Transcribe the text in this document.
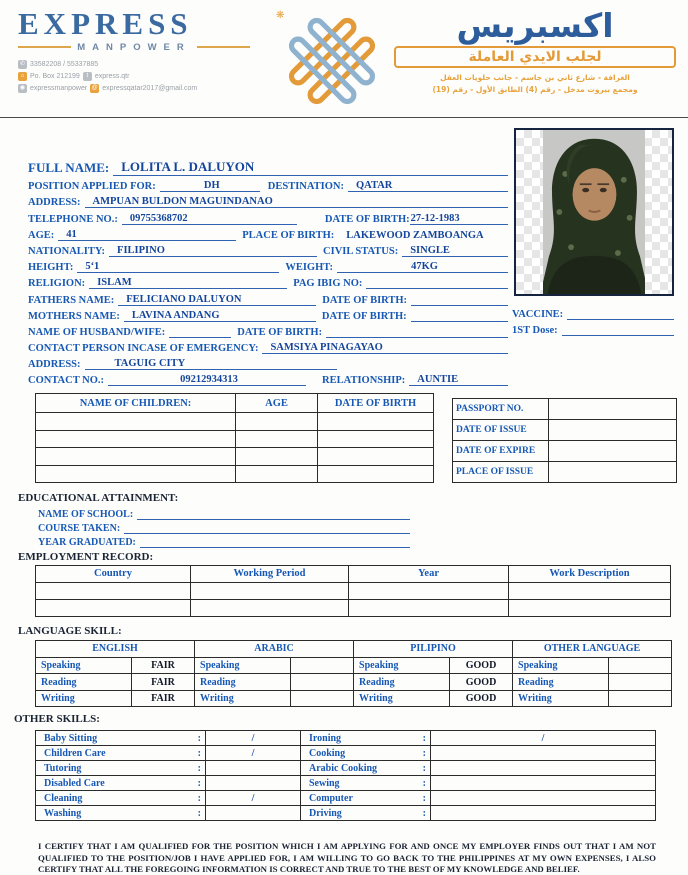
EXPRESS
MANPOWER
✆ 33582208 / 55337885
⌂ Po. Box 212199	t express.qtr
◉ expressmanpower @ expressqatar2017@gmail.com
❋	اكسبريس
لجلب الايدي العاملة
الغرافة - شارع ثاني بن جاسم - جانب حلويات العقل
ومجمع بيروت مدخل - رقم (4) الطابق الأول - رقم (19)
VACCINE:
1ST Dose:
FULL NAME: LOLITA L. DALUYON
POSITION APPLIED FOR:	DH	DESTINATION:	QATAR
ADDRESS:	AMPUAN BULDON MAGUINDANAO
TELEPHONE NO.:	09755368702	DATE OF BIRTH: 27-12-1983
AGE:	41	PLACE OF BIRTH:	LAKEWOOD ZAMBOANGA
NATIONALITY:	FILIPINO	CIVIL STATUS:	SINGLE
HEIGHT:	5‘1	WEIGHT:	47KG
RELIGION:	ISLAM	PAG IBIG NO:
FATHERS NAME:	FELICIANO DALUYON	DATE OF BIRTH:
MOTHERS NAME:	LAVINA ANDANG	DATE OF BIRTH:
NAME OF HUSBAND/WIFE:	DATE OF BIRTH:
CONTACT PERSON INCASE OF EMERGENCY:	SAMSIYA PINAGAYAO
ADDRESS:	TAGUIG CITY
CONTACT NO.:	09212934313	RELATIONSHIP:	AUNTIE
NAME OF CHILDREN:	AGE	DATE OF BIRTH

PASSPORT NO.	
DATE OF ISSUE	
DATE OF EXPIRE	
PLACE OF ISSUE	
EDUCATIONAL ATTAINMENT:
NAME OF SCHOOL:
COURSE TAKEN:
YEAR GRADUATED:
EMPLOYMENT RECORD:
Country	Working Period	Year	Work Description

LANGUAGE SKILL:
ENGLISH		ARABIC		PILIPINO		OTHER LANGUAGE	
Speaking	FAIR	Speaking		Speaking	GOOD	Speaking	
Reading	FAIR	Reading		Reading	GOOD	Reading	
Writing	FAIR	Writing		Writing	GOOD	Writing	
OTHER SKILLS:
Baby Sitting :	/	Ironing :	/

Children Care :	/	Cooking :	

Tutoring :		Arabic Cooking :	

Disabled Care :		Sewing :	

Cleaning :	/	Computer :	

Washing :		Driving :	

I CERTIFY THAT I AM QUALIFIED FOR THE POSITION WHICH I AM APPLYING FOR AND ONCE MY EMPLOYER FINDS OUT THAT I AM NOT QUALIFIED TO THE POSITION/JOB I HAVE APPLIED FOR, I AM WILLING TO GO BACK TO THE PHILIPPINES AT MY OWN EXPENSES, I ALSO CERTIFY THAT ALL THE FOREGOING INFORMATION IS CORRECT AND TRUE TO THE BEST OF MY KNOWLEDGE AND BELIEF.
